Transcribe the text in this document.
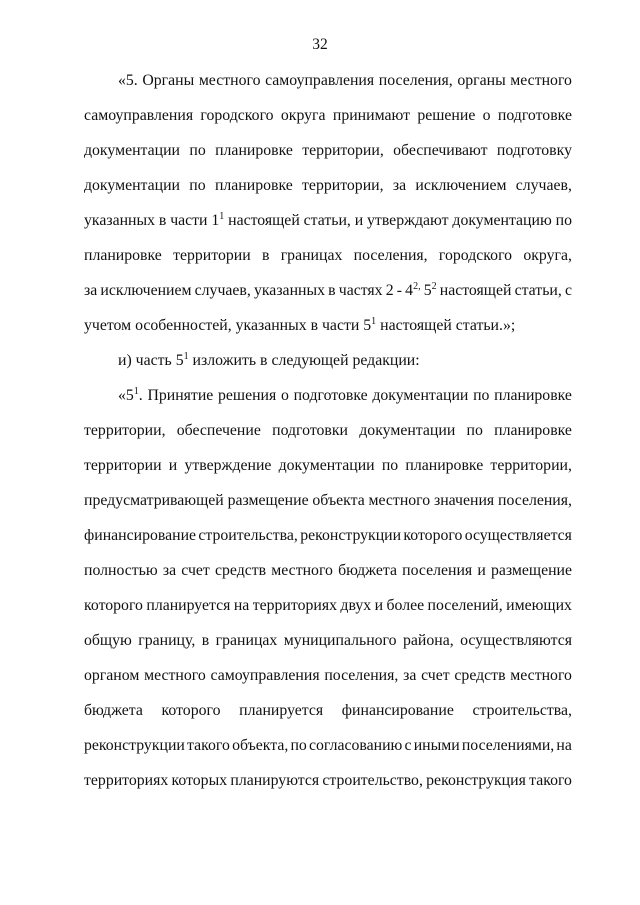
32
«5. Органы местного самоуправления поселения, органы местного
самоуправления городского округа принимают решение о подготовке
документации по планировке территории, обеспечивают подготовку
документации по планировке территории, за исключением случаев,
указанных в части $1^1$ настоящей статьи, и утверждают документацию по
планировке территории в границах поселения, городского округа,
за исключением случаев, указанных в частях $2 - 4^{2,}$ $5^2$ настоящей статьи, с
учетом особенностей, указанных в части $5^1$ настоящей статьи.»;
и) часть $5^1$ изложить в следующей редакции:
«$5^1$. Принятие решения о подготовке документации по планировке
территории, обеспечение подготовки документации по планировке
территории и утверждение документации по планировке территории,
предусматривающей размещение объекта местного значения поселения,
финансирование строительства, реконструкции которого осуществляется
полностью за счет средств местного бюджета поселения и размещение
которого планируется на территориях двух и более поселений, имеющих
общую границу, в границах муниципального района, осуществляются
органом местного самоуправления поселения, за счет средств местного
бюджета которого планируется финансирование строительства,
реконструкции такого объекта, по согласованию с иными поселениями, на
территориях которых планируются строительство, реконструкция такого
